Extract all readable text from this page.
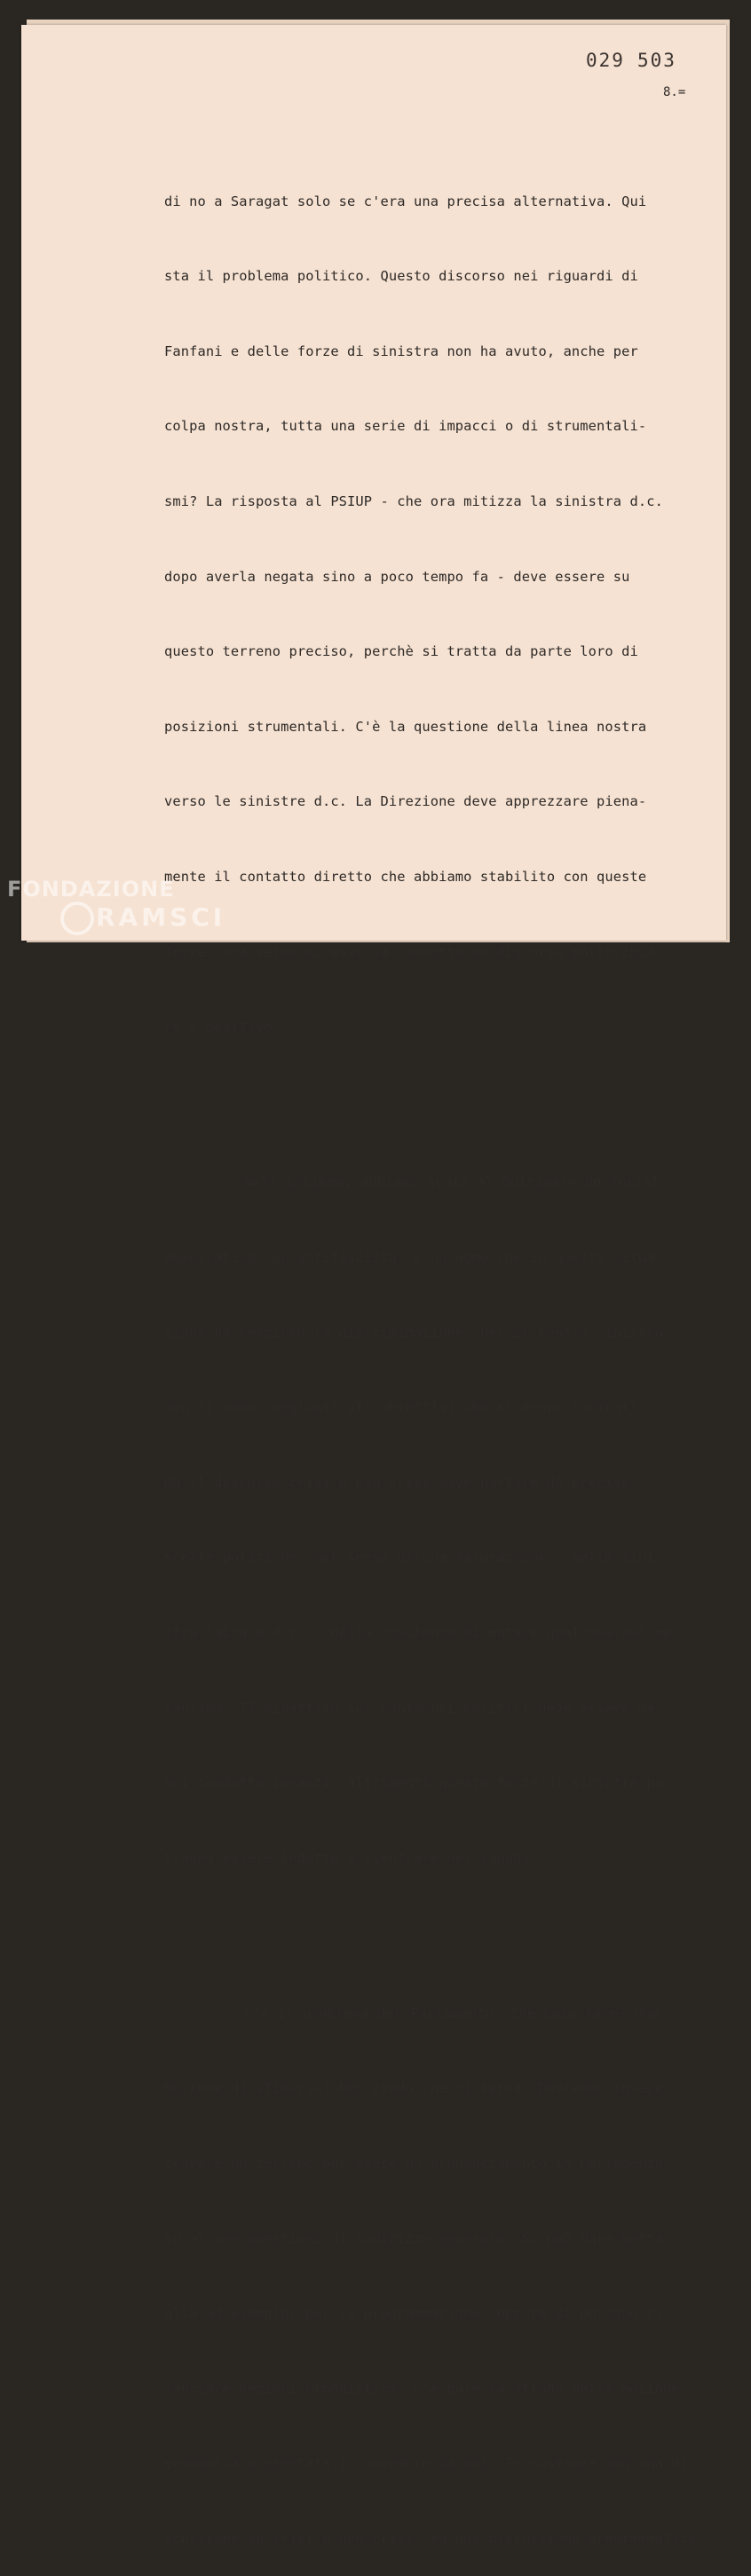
029 503
8.=

di no a Saragat solo se c'era una precisa alternativa. Qui

sta il problema politico. Questo discorso nei riguardi di

Fanfani e delle forze di sinistra non ha avuto, anche per

colpa nostra, tutta una serie di impacci o di strumentali-

smi? La risposta al PSIUP - che ora mitizza la sinistra d.c.

dopo averla negata sino a poco tempo fa - deve essere su

questo terreno preciso, perchè si tratta da parte loro di

posizioni strumentali. C'è la questione della linea nostra

verso le sinistre d.c. La Direzione deve apprezzare piena-

mente il contatto diretto che abbiamo stabilito con queste

forze. Ora verso di esse va condotto un discorso molto chia-

ro e positivo.

Nell'insieme, abbiamo avuto al Quirinale un social-

democratico, un antifascista, e un uomo che in questa situa-

zione ha respinto la discriminazione. Per il centro sinistra

non si sono raggiunti gli obiettivi che si erano indicati.

Ma il discorso crisi o non crisi deve partire da precise

scelte politiche, nel senso di una maturazione - nella sini-

stra laica e d.c. - della coscienza di mutare qualcosa nel mec-

canismo. Il dibattito sui contenuti politici deve essere da

noi condotto innanzi, altrimenti queste forze di sinistra po-

tranno essere indotte a rientrare nei ranghi.

C'è il problema del Parlamento. Che cosa fare? Una

mozione di sfiducia? Non credo che ci serva. Dovremmo invece

trovare un terreno per avere un pronunciamento in Parlamento

su alcune questioni di indirizzo generale. Si può dare batta-

glia ad esempio, per la programmazione. Oppure si possono ri-

lanciare Regioni-urbanistica. C'è pure la strada della mozione

economica presentata in novembre da noi. In sostanza non una di-

scussione su crisi o non crisi, ma una discussione programmatica.

FONDAZIONE
RAMSCI
